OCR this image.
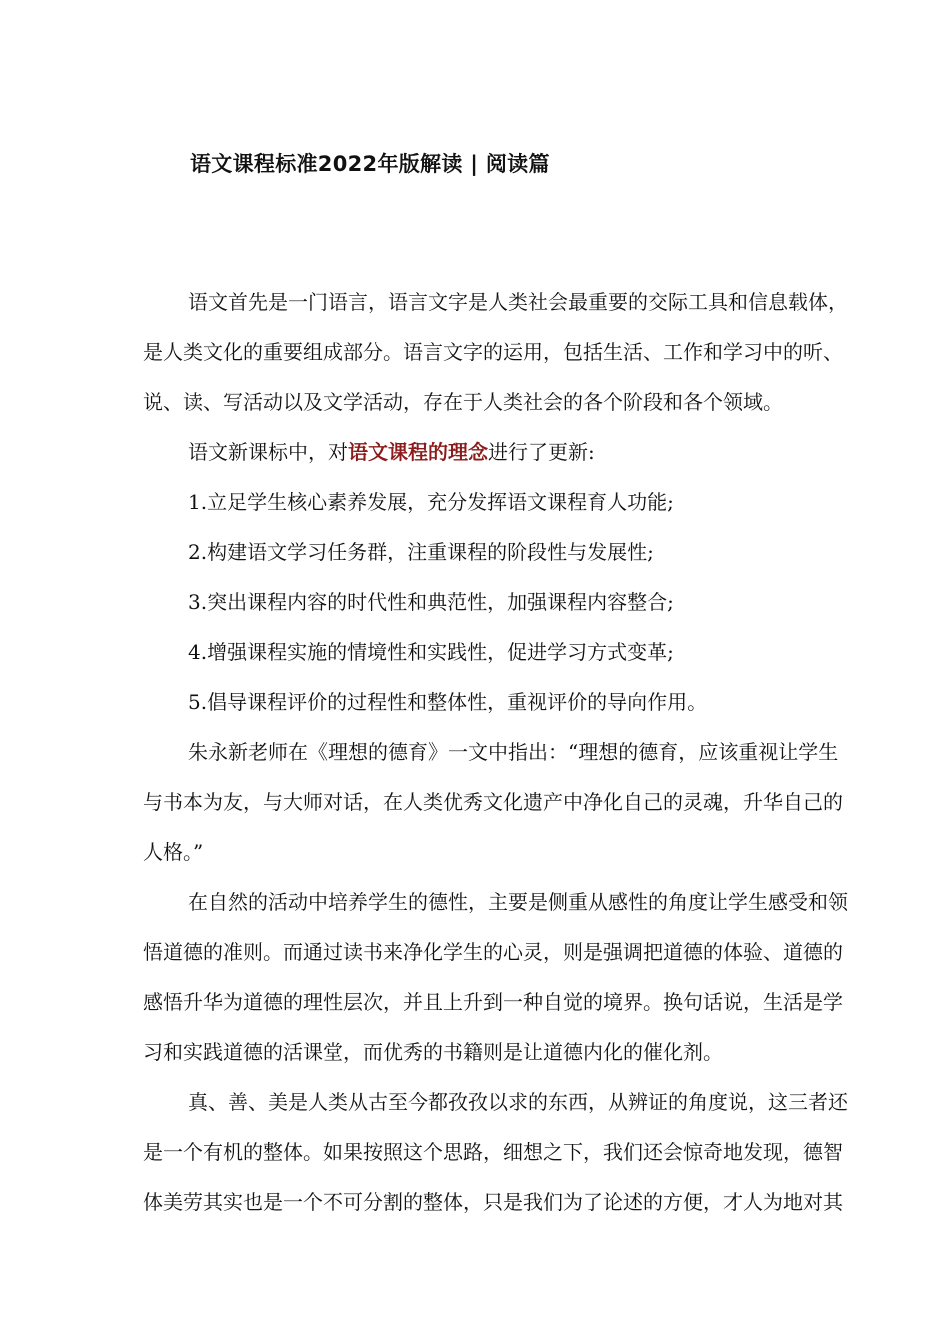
语文课程标准2022年版解读 | 阅读篇
语文首先是一门语言，语言文字是人类社会最重要的交际工具和信息载体，
是人类文化的重要组成部分。语言文字的运用，包括生活、工作和学习中的听、
说、读、写活动以及文学活动，存在于人类社会的各个阶段和各个领域。
语文新课标中，对语文课程的理念进行了更新:
1.立足学生核心素养发展，充分发挥语文课程育人功能;
2.构建语文学习任务群，注重课程的阶段性与发展性;
3.突出课程内容的时代性和典范性，加强课程内容整合;
4.增强课程实施的情境性和实践性，促进学习方式变革;
5.倡导课程评价的过程性和整体性，重视评价的导向作用。
朱永新老师在《理想的德育》一文中指出：“理想的德育，应该重视让学生
与书本为友，与大师对话，在人类优秀文化遗产中净化自己的灵魂，升华自己的
人格。”
在自然的活动中培养学生的德性，主要是侧重从感性的角度让学生感受和领
悟道德的准则。而通过读书来净化学生的心灵，则是强调把道德的体验、道德的
感悟升华为道德的理性层次，并且上升到一种自觉的境界。换句话说，生活是学
习和实践道德的活课堂，而优秀的书籍则是让道德内化的催化剂。
真、善、美是人类从古至今都孜孜以求的东西，从辨证的角度说，这三者还
是一个有机的整体。如果按照这个思路，细想之下，我们还会惊奇地发现，德智
体美劳其实也是一个不可分割的整体，只是我们为了论述的方便，才人为地对其
